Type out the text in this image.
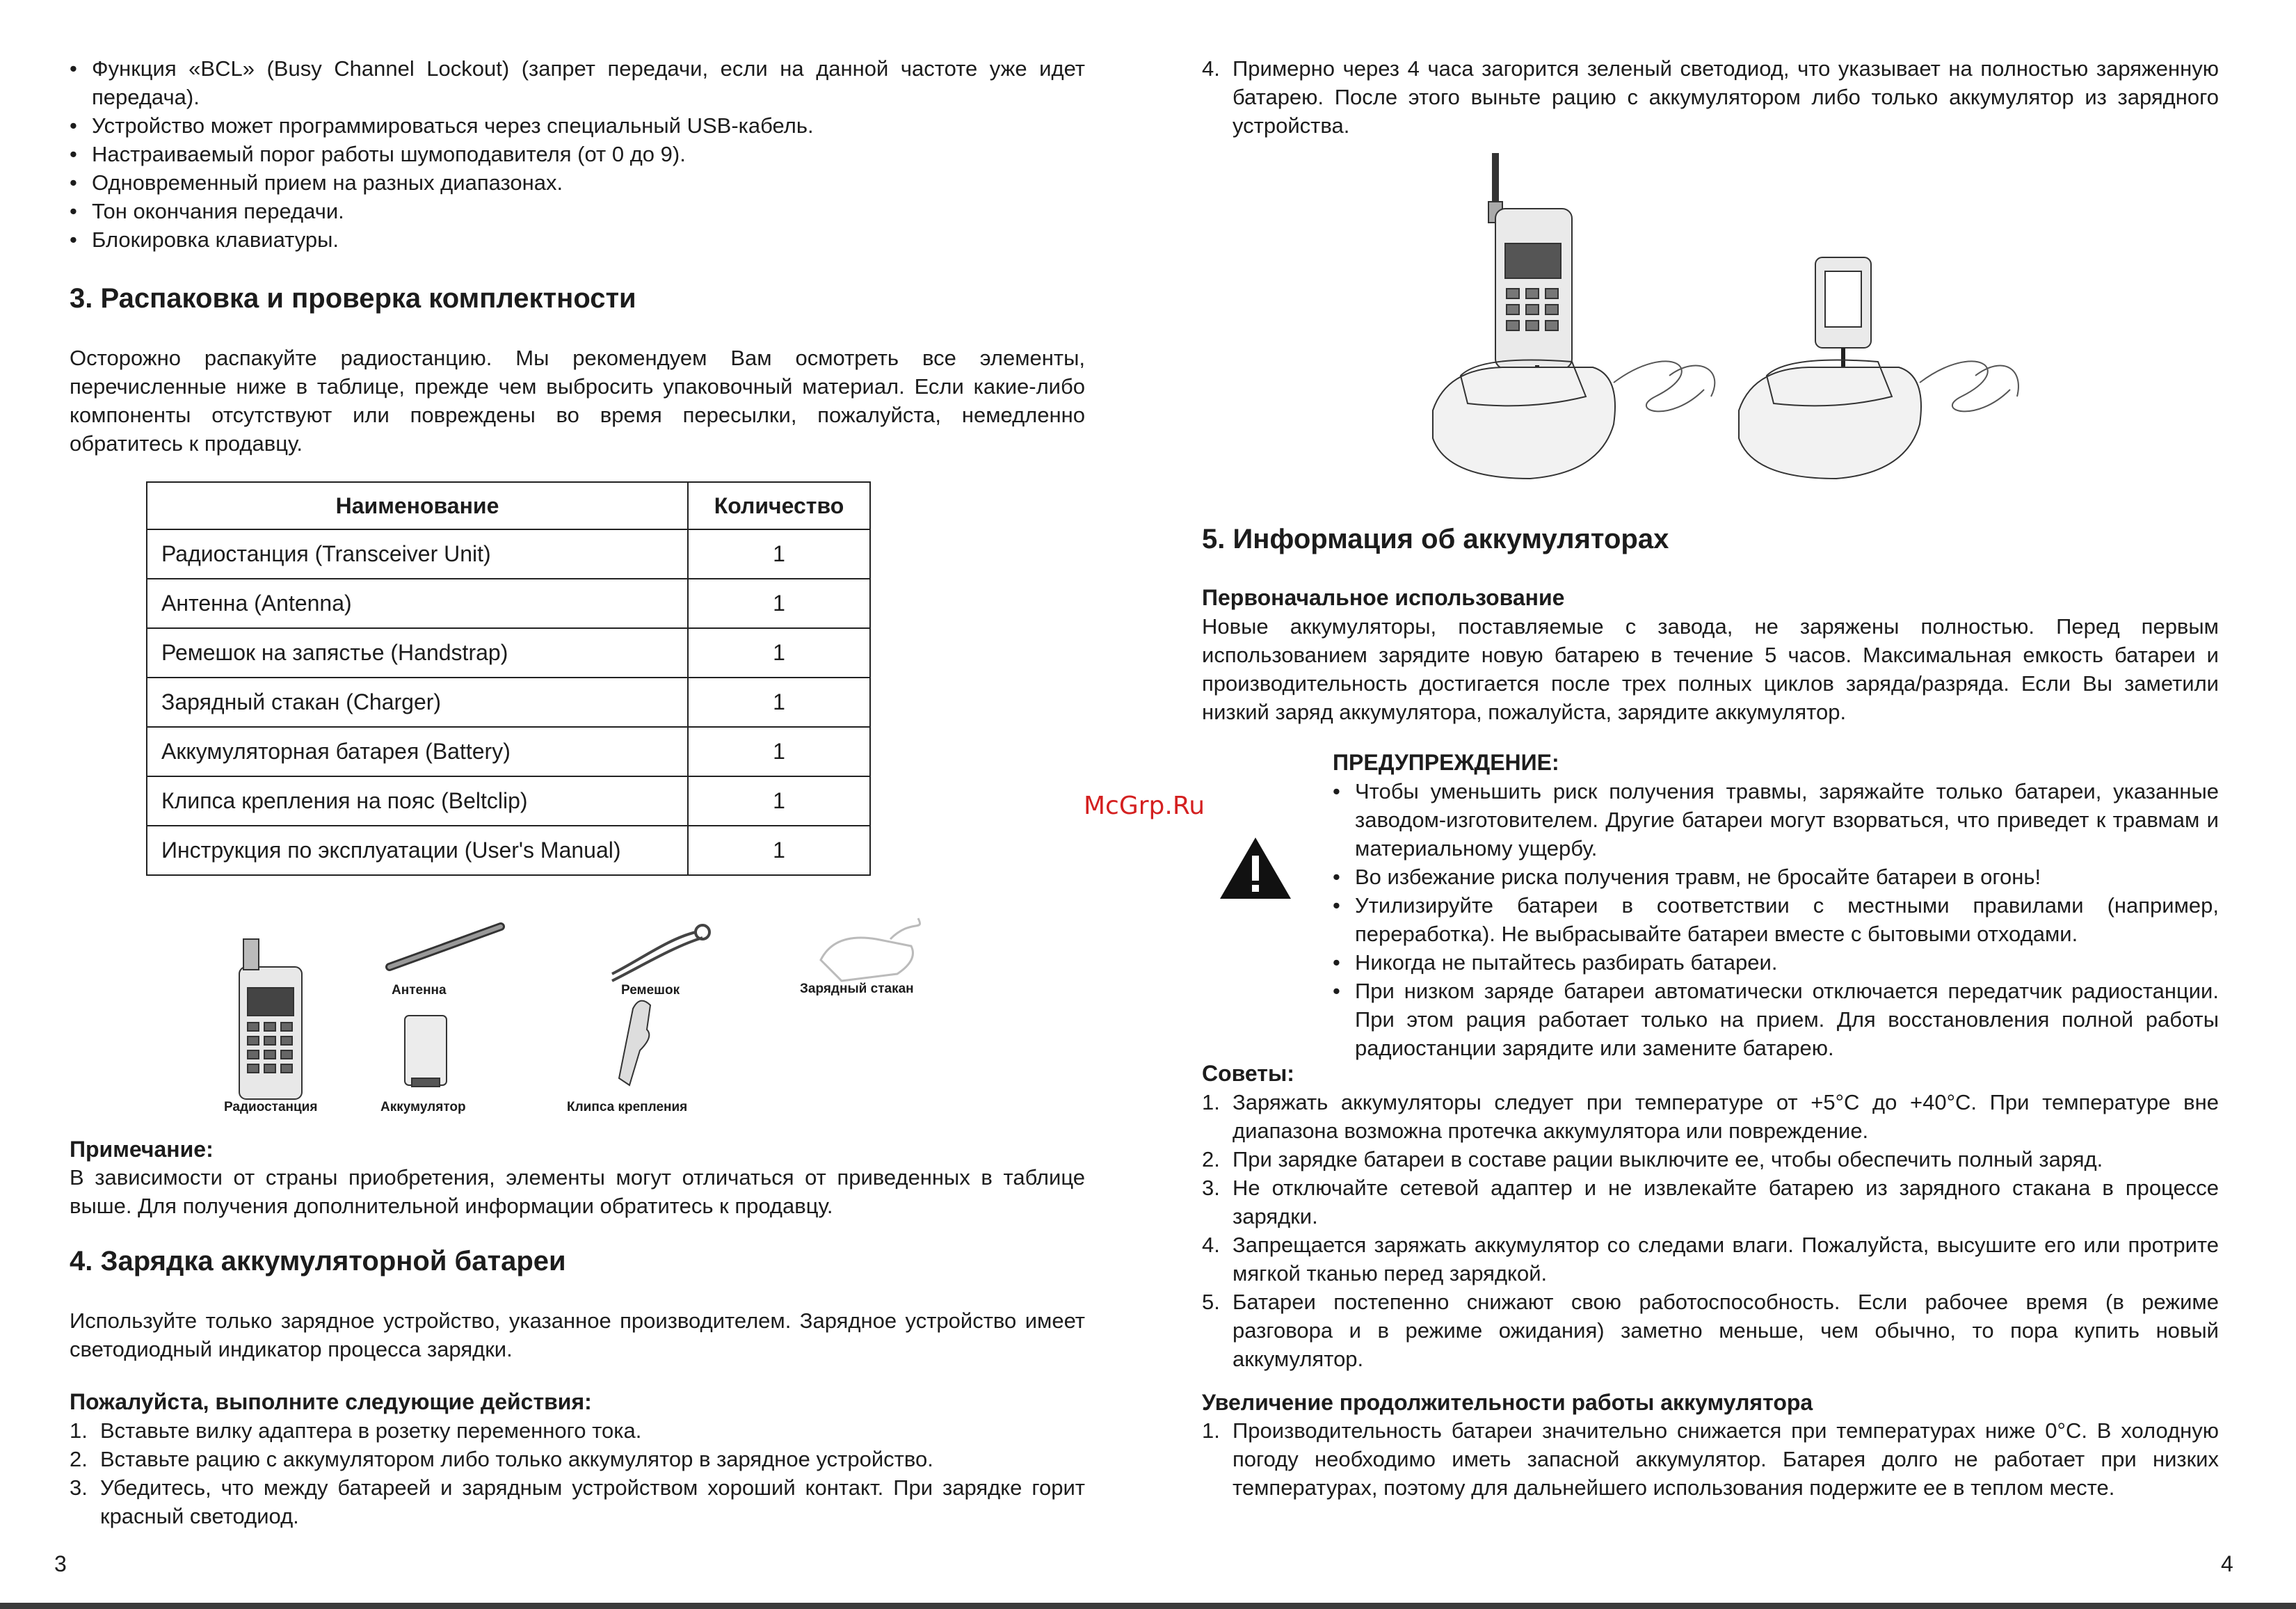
• Функция «BCL» (Busy Channel Lockout) (запрет передачи, если на данной частоте уже идет передача).
• Устройство может программироваться через специальный USB-кабель.
• Настраиваемый порог работы шумоподавителя (от 0 до 9).
• Одновременный прием на разных диапазонах.
• Тон окончания передачи.
• Блокировка клавиатуры.
3. Распаковка и проверка комплектности

Осторожно распакуйте радиостанцию. Мы рекомендуем Вам осмотреть все элементы, перечисленные ниже в таблице, прежде чем выбросить упаковочный материал. Если какие-либо компоненты отсутствуют или повреждены во время пересылки, пожалуйста, немедленно обратитесь к продавцу.

Наименование	Количество
Радиостанция (Transceiver Unit)	1
Антенна (Antenna)	1
Ремешок на запястье (Handstrap)	1
Зарядный стакан (Charger)	1
Аккумуляторная батарея (Battery)	1
Клипса крепления на пояс (Beltclip)	1
Инструкция по эксплуатации (User's Manual)	1
Антенна	Ремешок	Зарядный стакан
Радиостанция	Аккумулятор	Клипса крепления
Примечание:

В зависимости от страны приобретения, элементы могут отличаться от приведенных в таблице выше. Для получения дополнительной информации обратитесь к продавцу.

4. Зарядка аккумуляторной батареи

Используйте только зарядное устройство, указанное производителем. Зарядное устройство имеет светодиодный индикатор процесса зарядки.

Пожалуйста, выполните следующие действия:
1. Вставьте вилку адаптера в розетку переменного тока.
2. Вставьте рацию с аккумулятором либо только аккумулятор в зарядное устройство.
3. Убедитесь, что между батареей и зарядным устройством хороший контакт. При зарядке горит красный светодиод.
3
4. Примерно через 4 часа загорится зеленый светодиод, что указывает на полностью заряженную батарею. После этого выньте рацию с аккумулятором либо только аккумулятор из зарядного устройства.
5. Информация об аккумуляторах
Первоначальное использование

Новые аккумуляторы, поставляемые с завода, не заряжены полностью. Перед первым использованием зарядите новую батарею в течение 5 часов. Максимальная емкость батареи и производительность достигается после трех полных циклов заряда/разряда. Если Вы заметили низкий заряд аккумулятора, пожалуйста, зарядите аккумулятор.

ПРЕДУПРЕЖДЕНИЕ:
• Чтобы уменьшить риск получения травмы, заряжайте только батареи, указанные заводом-изготовителем. Другие батареи могут взорваться, что приведет к травмам и материальному ущербу.
• Во избежание риска получения травм, не бросайте батареи в огонь!
• Утилизируйте батареи в соответствии с местными правилами (например, переработка). Не выбрасывайте батареи вместе с бытовыми отходами.
• Никогда не пытайтесь разбирать батареи.
• При низком заряде батареи автоматически отключается передатчик радиостанции. При этом рация работает только на прием. Для восстановления полной работы радиостанции зарядите или замените батарею.
Советы:
1. Заряжать аккумуляторы следует при температуре от +5°С до +40°С. При температуре вне диапазона возможна протечка аккумулятора или повреждение.
2. При зарядке батареи в составе рации выключите ее, чтобы обеспечить полный заряд.
3. Не отключайте сетевой адаптер и не извлекайте батарею из зарядного стакана в процессе зарядки.
4. Запрещается заряжать аккумулятор со следами влаги. Пожалуйста, высушите его или протрите мягкой тканью перед зарядкой.
5. Батареи постепенно снижают свою работоспособность. Если рабочее время (в режиме разговора и в режиме ожидания) заметно меньше, чем обычно, то пора купить новый аккумулятор.
Увеличение продолжительности работы аккумулятора
1. Производительность батареи значительно снижается при температурах ниже 0°С. В холодную погоду необходимо иметь запасной аккумулятор. Батарея долго не работает при низких температурах, поэтому для дальнейшего использования подержите ее в теплом месте.
McGrp.Ru
4
